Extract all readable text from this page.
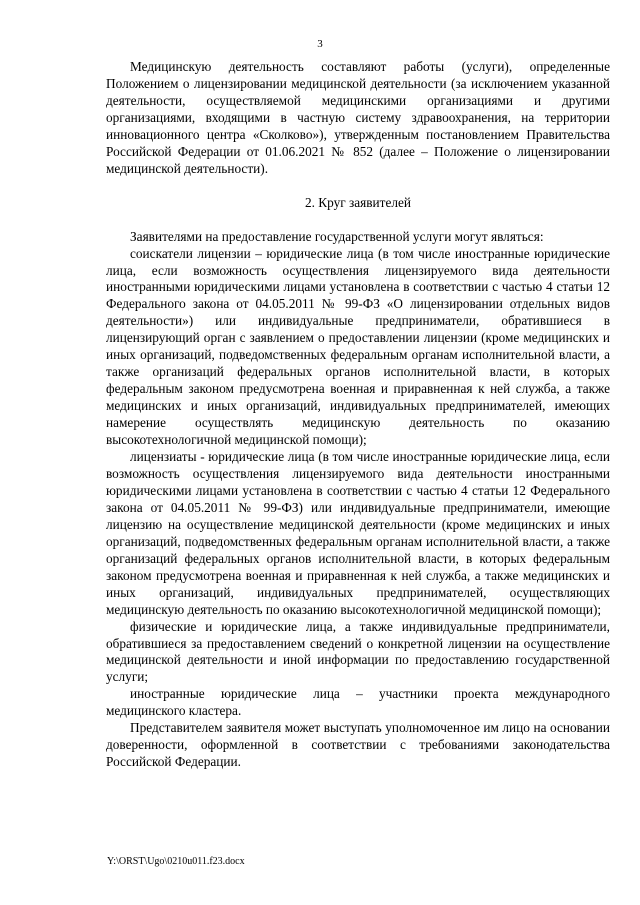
3

Медицинскую деятельность составляют работы (услуги), определенные Положением о лицензировании медицинской деятельности (за исключением указанной деятельности, осуществляемой медицинскими организациями и другими организациями, входящими в частную систему здравоохранения, на территории инновационного центра «Сколково»), утвержденным постановлением Правительства Российской Федерации от 01.06.2021 № 852 (далее – Положение о лицензировании медицинской деятельности).

2. Круг заявителей

Заявителями на предоставление государственной услуги могут являться:

соискатели лицензии – юридические лица (в том числе иностранные юридические лица, если возможность осуществления лицензируемого вида деятельности иностранными юридическими лицами установлена в соответствии с частью 4 статьи 12 Федерального закона от 04.05.2011 № 99-ФЗ «О лицензировании отдельных видов деятельности») или индивидуальные предприниматели, обратившиеся в лицензирующий орган с заявлением о предоставлении лицензии (кроме медицинских и иных организаций, подведомственных федеральным органам исполнительной власти, а также организаций федеральных органов исполнительной власти, в которых федеральным законом предусмотрена военная и приравненная к ней служба, а также медицинских и иных организаций, индивидуальных предпринимателей, имеющих намерение осуществлять медицинскую деятельность по оказанию высокотехнологичной медицинской помощи);

лицензиаты - юридические лица (в том числе иностранные юридические лица, если возможность осуществления лицензируемого вида деятельности иностранными юридическими лицами установлена в соответствии с частью 4 статьи 12 Федерального закона от 04.05.2011 № 99-ФЗ) или индивидуальные предприниматели, имеющие лицензию на осуществление медицинской деятельности (кроме медицинских и иных организаций, подведомственных федеральным органам исполнительной власти, а также организаций федеральных органов исполнительной власти, в которых федеральным законом предусмотрена военная и приравненная к ней служба, а также медицинских и иных организаций, индивидуальных предпринимателей, осуществляющих медицинскую деятельность по оказанию высокотехнологичной медицинской помощи);

физические и юридические лица, а также индивидуальные предприниматели, обратившиеся за предоставлением сведений о конкретной лицензии на осуществление медицинской деятельности и иной информации по предоставлению государственной услуги;

иностранные юридические лица – участники проекта международного медицинского кластера.

Представителем заявителя может выступать уполномоченное им лицо на основании доверенности, оформленной в соответствии с требованиями законодательства Российской Федерации.

Y:\ORST\Ugo\0210u011.f23.docx
